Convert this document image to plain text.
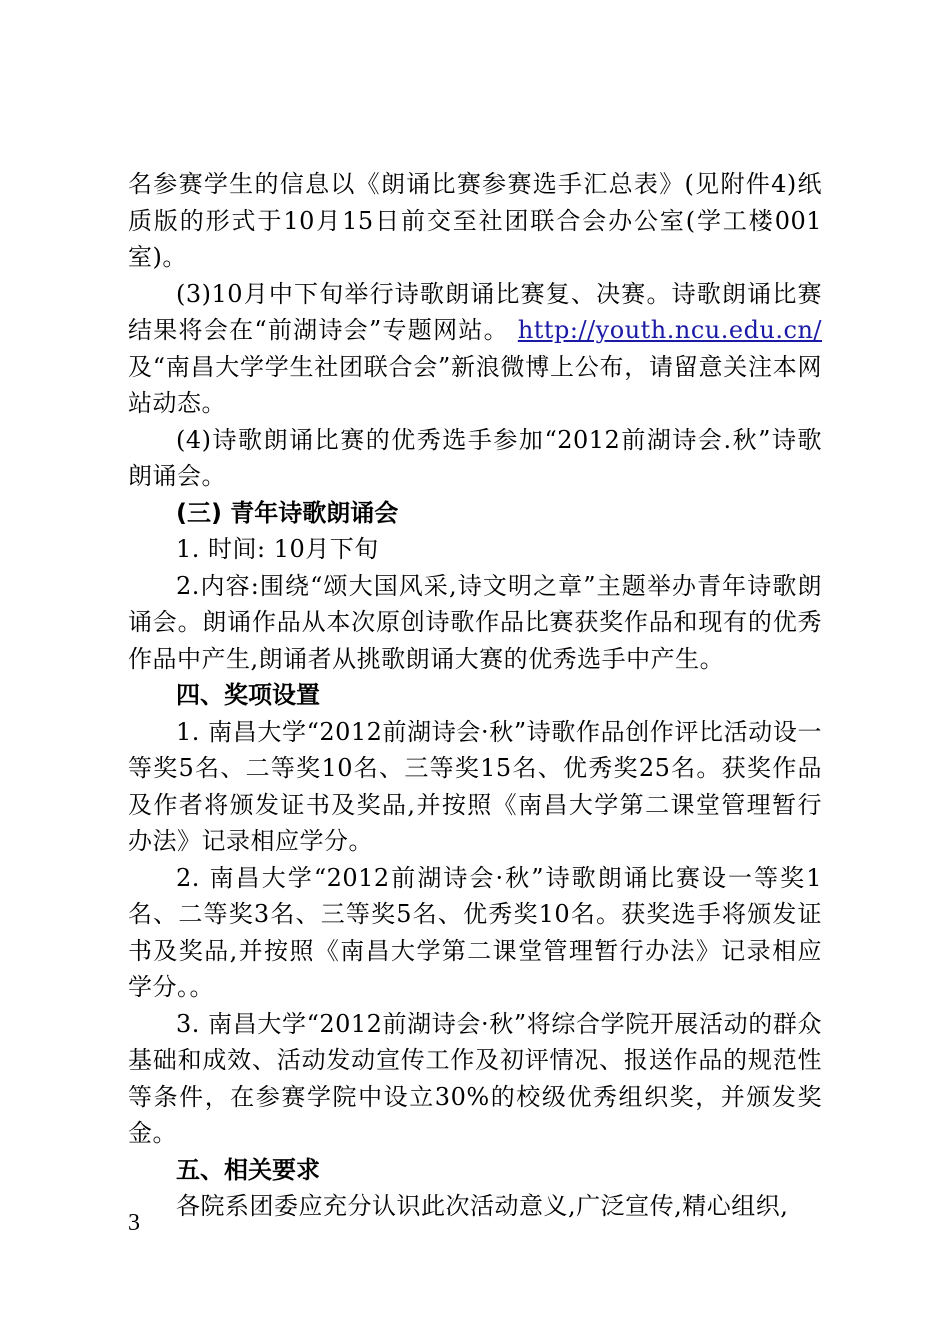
名参赛学生的信息以《朗诵比赛参赛选手汇总表》(见附件4)纸质版的形式于10月15日前交至社团联合会办公室(学工楼001室)。

(3)10月中下旬举行诗歌朗诵比赛复、决赛。诗歌朗诵比赛结果将会在“前湖诗会”专题网站。 http://youth.ncu.edu.cn/及“南昌大学学生社团联合会”新浪微博上公布，请留意关注本网站动态。

(4)诗歌朗诵比赛的优秀选手参加“2012前湖诗会.秋”诗歌朗诵会。

(三) 青年诗歌朗诵会

1. 时间: 10月下旬

2.内容:围绕“颂大国风采,诗文明之章”主题举办青年诗歌朗诵会。朗诵作品从本次原创诗歌作品比赛获奖作品和现有的优秀作品中产生,朗诵者从挑歌朗诵大赛的优秀选手中产生。

四、奖项设置

1. 南昌大学“2012前湖诗会·秋”诗歌作品创作评比活动设一等奖5名、二等奖10名、三等奖15名、优秀奖25名。获奖作品及作者将颁发证书及奖品,并按照《南昌大学第二课堂管理暂行办法》记录相应学分。

2. 南昌大学“2012前湖诗会·秋”诗歌朗诵比赛设一等奖1名、二等奖3名、三等奖5名、优秀奖10名。获奖选手将颁发证书及奖品,并按照《南昌大学第二课堂管理暂行办法》记录相应学分。。

3. 南昌大学“2012前湖诗会·秋”将综合学院开展活动的群众基础和成效、活动发动宣传工作及初评情况、报送作品的规范性等条件，在参赛学院中设立30%的校级优秀组织奖，并颁发奖金。

五、相关要求

各院系团委应充分认识此次活动意义,广泛宣传,精心组织,

3
